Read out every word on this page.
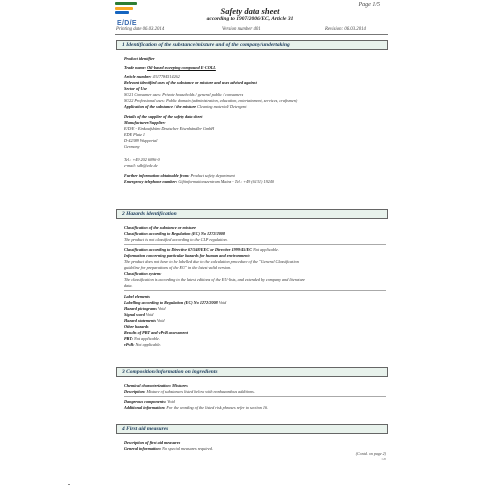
E/D/E
Page 1/5
Safety data sheet
according to 1907/2006/EC, Article 31
Printing date 06.03.2014	Version number 401	Revision: 06.03.2014
1 Identification of the substance/mixture and of the company/undertaking
Product identifier
Trade name: Oil-based sweeping compound E-COLL
Article number: 4317784514262
Relevant identified uses of the substance or mixture and uses advised against
Sector of Use
SU21 Consumer uses: Private households / general public / consumers
SU22 Professional uses: Public domain (administration, education, entertainment, services, craftsmen)
Application of the substance / the mixture Cleaning material/ Detergent
Details of the supplier of the safety data sheet
Manufacturer/Supplier:
E/D/E - Einkaufsbüro Deutscher Eisenhändler GmbH
EDE Platz 1
D-42389 Wuppertal
Germany
Tel.: +49 202 6096-0
e-mail: sdb@ede.de
Further information obtainable from: Product safety department
Emergency telephone number: Giftinformationszentrum Mainz - Tel.: +49 (6131) 19240
2 Hazards identification
Classification of the substance or mixture
Classification according to Regulation (EC) No 1272/2008
The product is not classified according to the CLP regulation.
Classification according to Directive 67/548/EEC or Directive 1999/45/EC Not applicable.
Information concerning particular hazards for human and environment:
The product does not have to be labelled due to the calculation procedure of the "General Classification
guideline for preparations of the EU" in the latest valid version.
Classification system:
The classification is according to the latest editions of the EU-lists, and extended by company and literature
data.
Label elements
Labelling according to Regulation (EC) No 1272/2008 Void
Hazard pictograms Void
Signal word Void
Hazard statements Void
Other hazards
Results of PBT and vPvB assessment
PBT: Not applicable.
vPvB: Not applicable.
3 Composition/information on ingredients
Chemical characterization: Mixtures
Description: Mixture of substances listed below with nonhazardous additions.
Dangerous components: Void
Additional information: For the wording of the listed risk phrases refer to section 16.
4 First aid measures
Description of first aid measures
General information: No special measures required.
(Contd. on page 2)
GB
